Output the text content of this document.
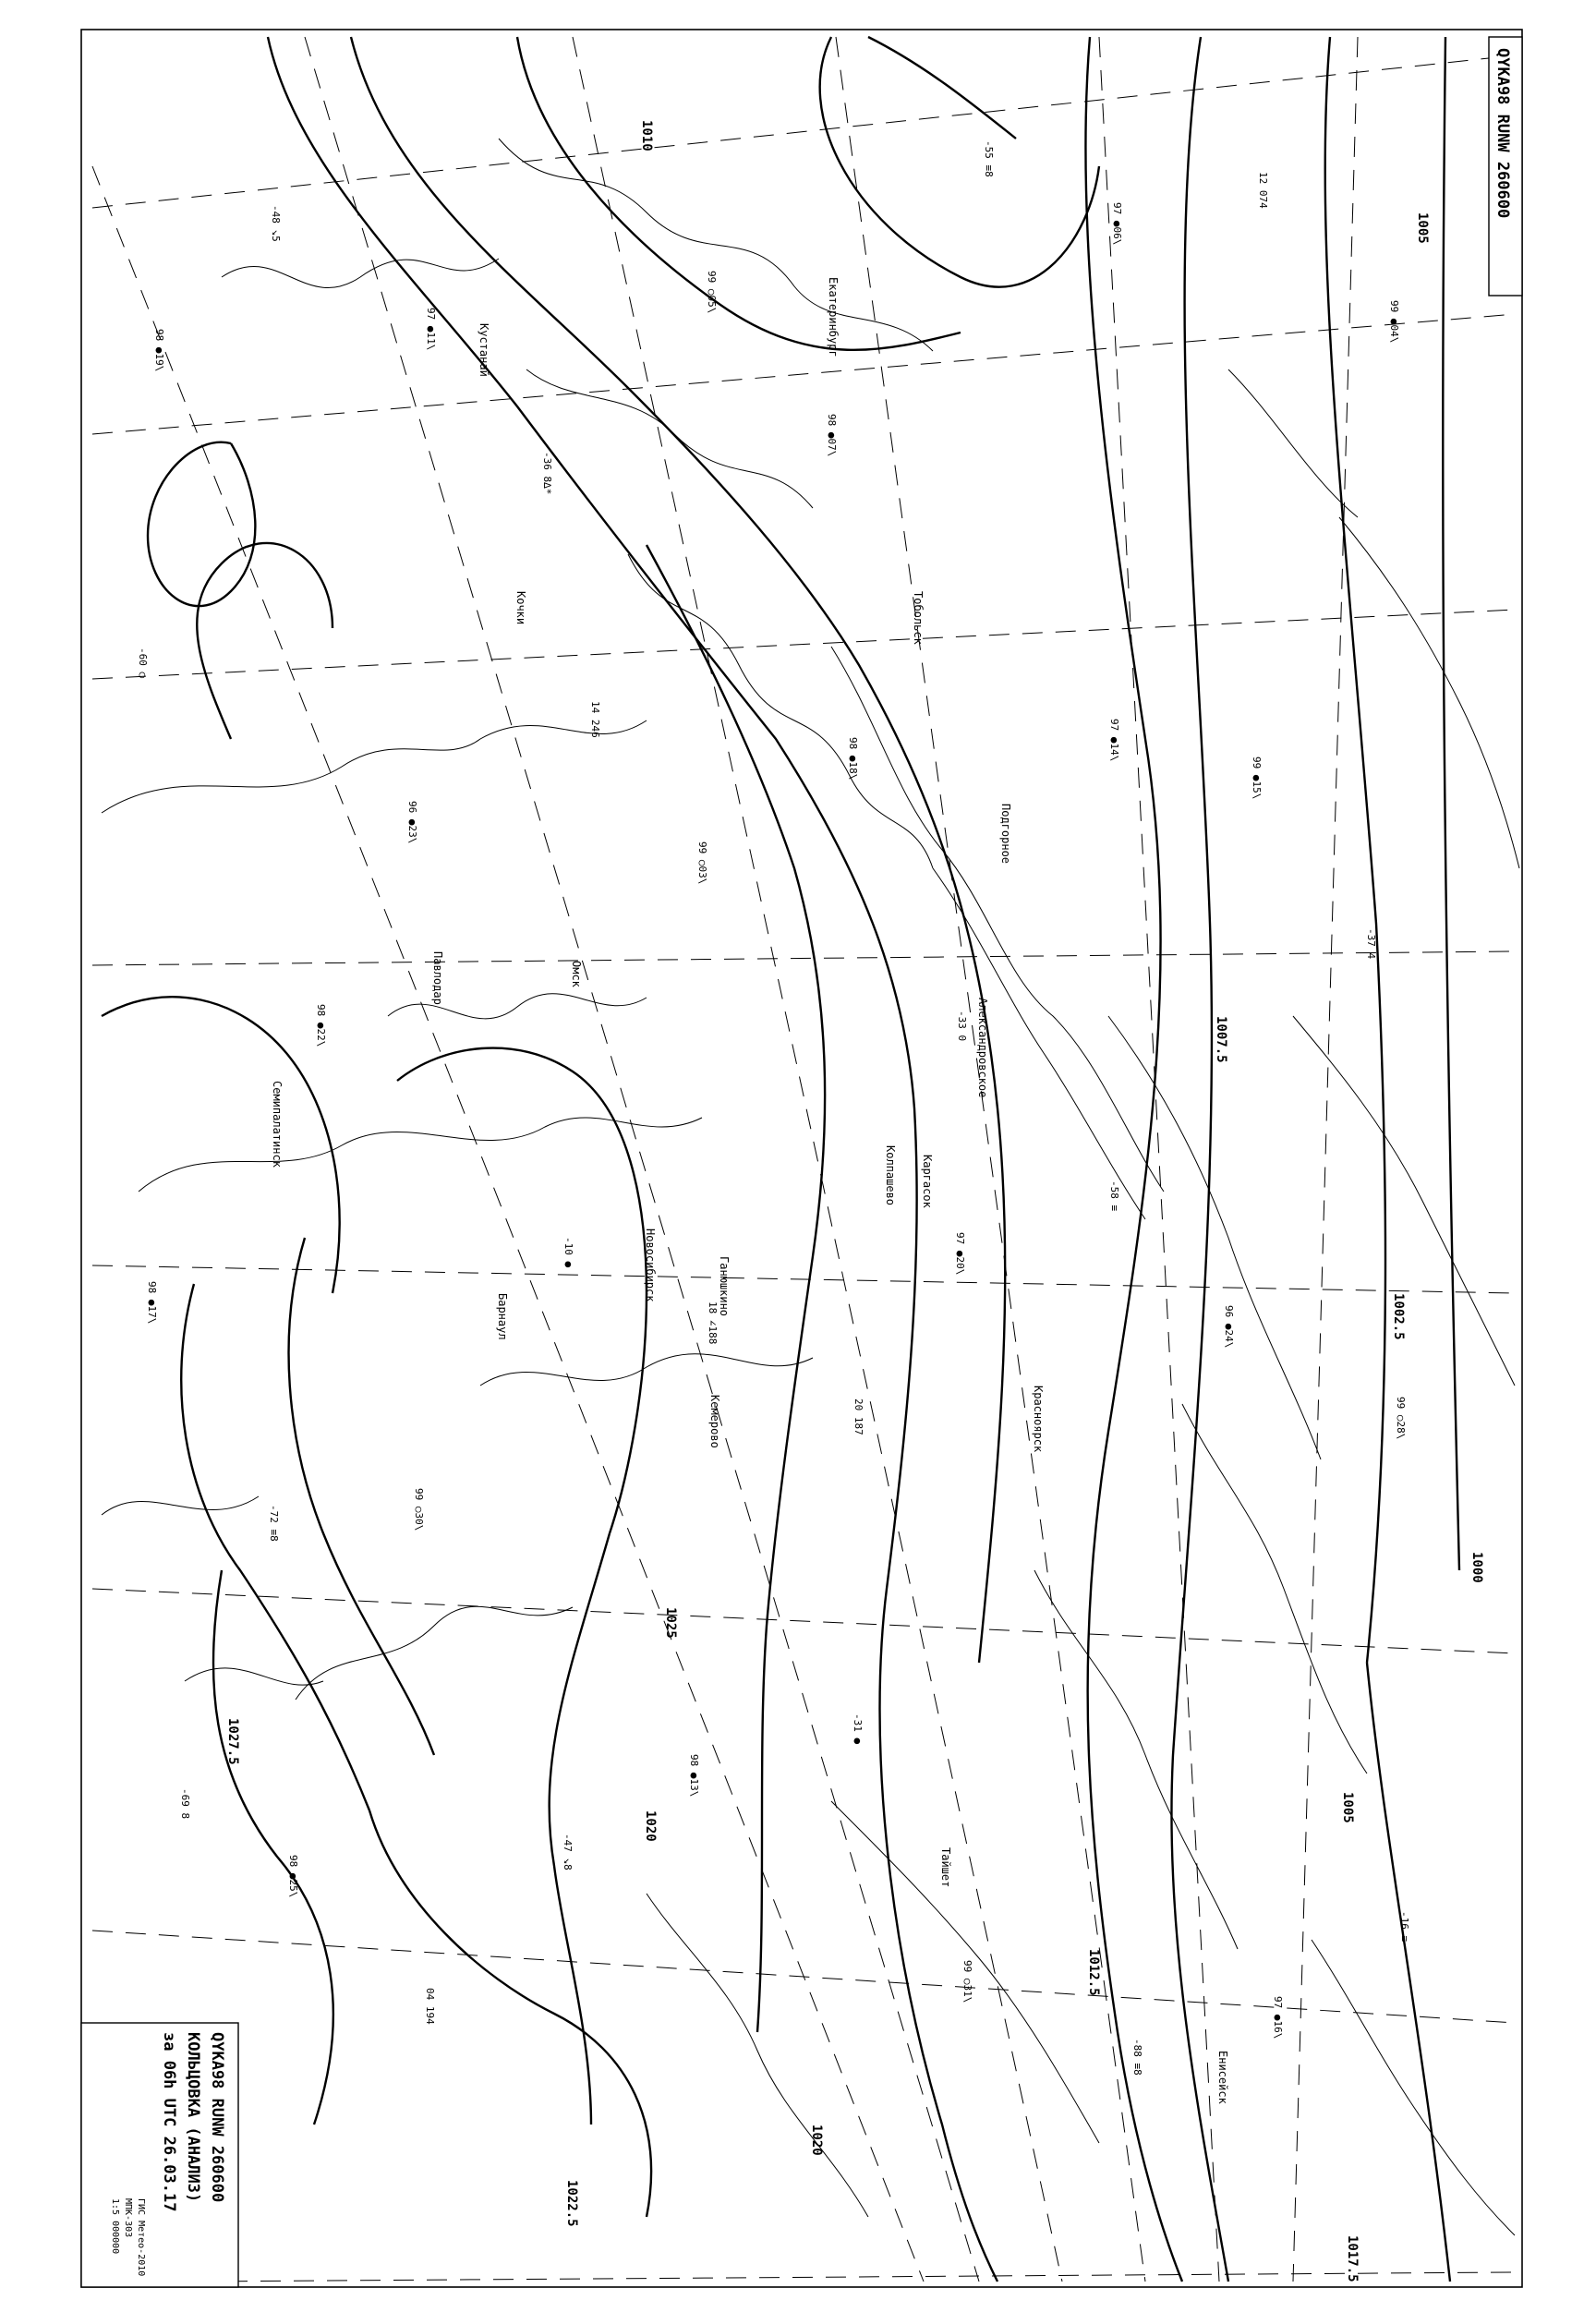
1000
1002.5
1005
1007.5
1010
1012.5
1017.5
1020
1020
1022.5
1025
1027.5
1005
Екатеринбург
Кустанай
Тобольск
Омск
Александровское
Каргасок
Колпашево
Барнаул
Новосибирск
Кемерово
Семипалатинск
Енисейск
Красноярск
Подгорное
Павлодар
Тайшет
Кочки
Ганюшкино
98 ●19\
-48 ↘5
97 ●11\
-36 8∆*
99 ○05\
98 ●07\
-55 ≡8
97 ●06\
12 074
99 ●04\
-60 ○
98 ●22\
96 ●23\
14 246
99 ○03\
98 ●18\
-33 0
97 ●14\
99 ●15\
-37 4
98 ●17\
-72 ≡8	99 ○30\
-10 ●
18 ∠188
20 187
97 ●20\
-58 ≡
96 ●24\
99 ○28\
-69 8
98 ●25\
04 194
-47 ↘8
98 ●13\
-31 ●
99 ○31\
-88 ≡8
97 ●16\
-16 ≡
QYKA98 RUNW 260600
QYKA98 RUNW 260600
КОЛЬЦОВКА (АНАЛИЗ)
за 06h UTC 26.03.17
ГИС Метео-2010
МПК-303
1:5 000000
